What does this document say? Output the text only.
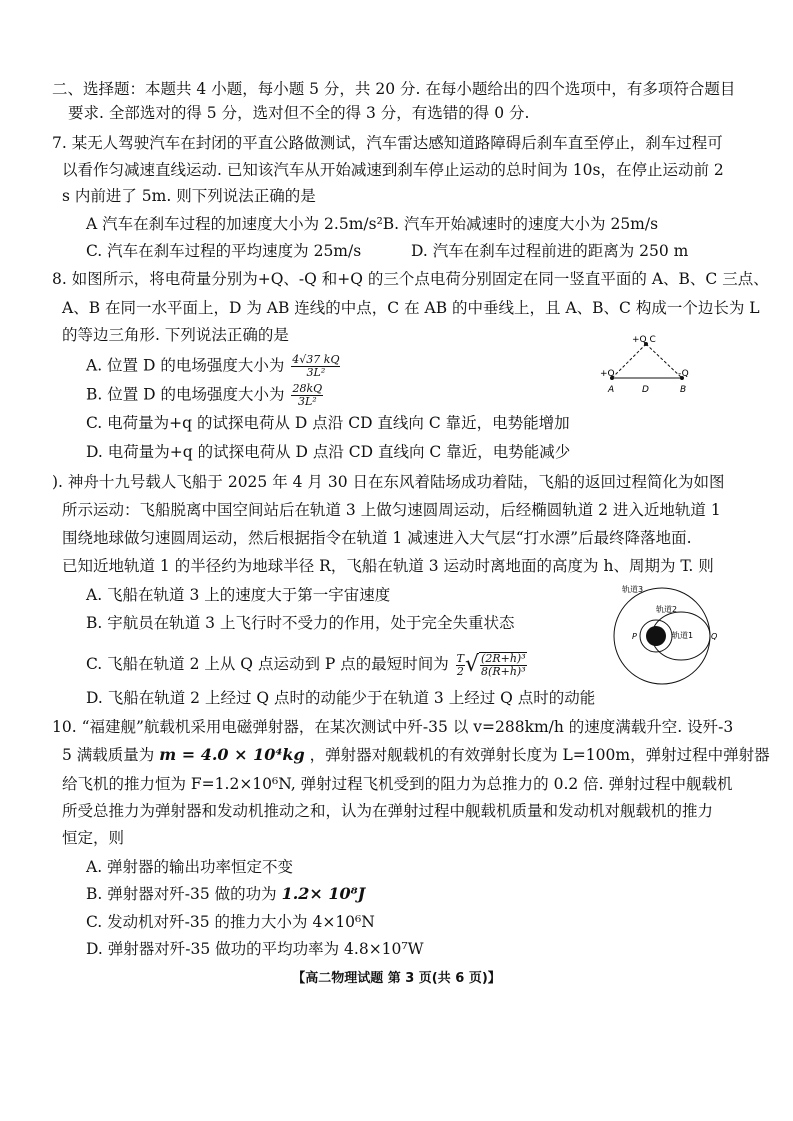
二、选择题：本题共 4 小题，每小题 5 分，共 20 分. 在每小题给出的四个选项中，有多项符合题目
要求. 全部选对的得 5 分，选对但不全的得 3 分，有选错的得 0 分.
7. 某无人驾驶汽车在封闭的平直公路做测试，汽车雷达感知道路障碍后刹车直至停止，刹车过程可
以看作匀减速直线运动. 已知该汽车从开始减速到刹车停止运动的总时间为 10s，在停止运动前 2
s 内前进了 5m. 则下列说法正确的是
A 汽车在刹车过程的加速度大小为 2.5m/s²B. 汽车开始减速时的速度大小为 25m/s
C. 汽车在刹车过程的平均速度为 25m/s	D. 汽车在刹车过程前进的距离为 250 m
8. 如图所示，将电荷量分别为+Q、-Q 和+Q 的三个点电荷分别固定在同一竖直平面的 A、B、C 三点、
A、B 在同一水平面上，D 为 AB 连线的中点，C 在 AB 的中垂线上，且 A、B、C 构成一个边长为 L
的等边三角形. 下列说法正确的是
A. 位置 D 的电场强度大小为 $\frac{4√37 kQ}{\text{3L²}}$
B. 位置 D 的电场强度大小为 $\frac{28kQ}{\text{3L²}}$
C. 电荷量为+q 的试探电荷从 D 点沿 CD 直线向 C 靠近，电势能增加
D. 电荷量为+q 的试探电荷从 D 点沿 CD 直线向 C 靠近，电势能减少
+Q C
+Q	-Q
A	D	B
). 神舟十九号载人飞船于 2025 年 4 月 30 日在东风着陆场成功着陆，飞船的返回过程简化为如图
所示运动：飞船脱离中国空间站后在轨道 3 上做匀速圆周运动，后经椭圆轨道 2 进入近地轨道 1
围绕地球做匀速圆周运动，然后根据指令在轨道 1 减速进入大气层“打水漂”后最终降落地面.
已知近地轨道 1 的半径约为地球半径 R，飞船在轨道 3 运动时离地面的高度为 h、周期为 T. 则
A. 飞船在轨道 3 上的速度大于第一宇宙速度
B. 宇航员在轨道 3 上飞行时不受力的作用，处于完全失重状态
C. 飞船在轨道 2 上从 Q 点运动到 P 点的最短时间为 $\frac{T}{2}$ √ $\frac{\text{(2R+h)³}}{\text{8(R+h)³}}$
D. 飞船在轨道 2 上经过 Q 点时的动能少于在轨道 3 上经过 Q 点时的动能
轨道3
轨道2
轨道1
P	Q
10. “福建舰”航载机采用电磁弹射器，在某次测试中歼-35 以 v=288km/h 的速度满载升空. 设歼-3
5 满载质量为 m = 4.0 × 10⁴kg ，弹射器对舰载机的有效弹射长度为 L=100m，弹射过程中弹射器
给飞机的推力恒为 F=1.2×10⁶N, 弹射过程飞机受到的阻力为总推力的 0.2 倍. 弹射过程中舰载机
所受总推力为弹射器和发动机推动之和，认为在弹射过程中舰载机质量和发动机对舰载机的推力
恒定，则
A. 弹射器的输出功率恒定不变
B. 弹射器对歼-35 做的功为 1.2× 10⁸J
C. 发动机对歼-35 的推力大小为 4×10⁶N
D. 弹射器对歼-35 做功的平均功率为 4.8×10⁷W
【高二物理试题 第 3 页(共 6 页)】
